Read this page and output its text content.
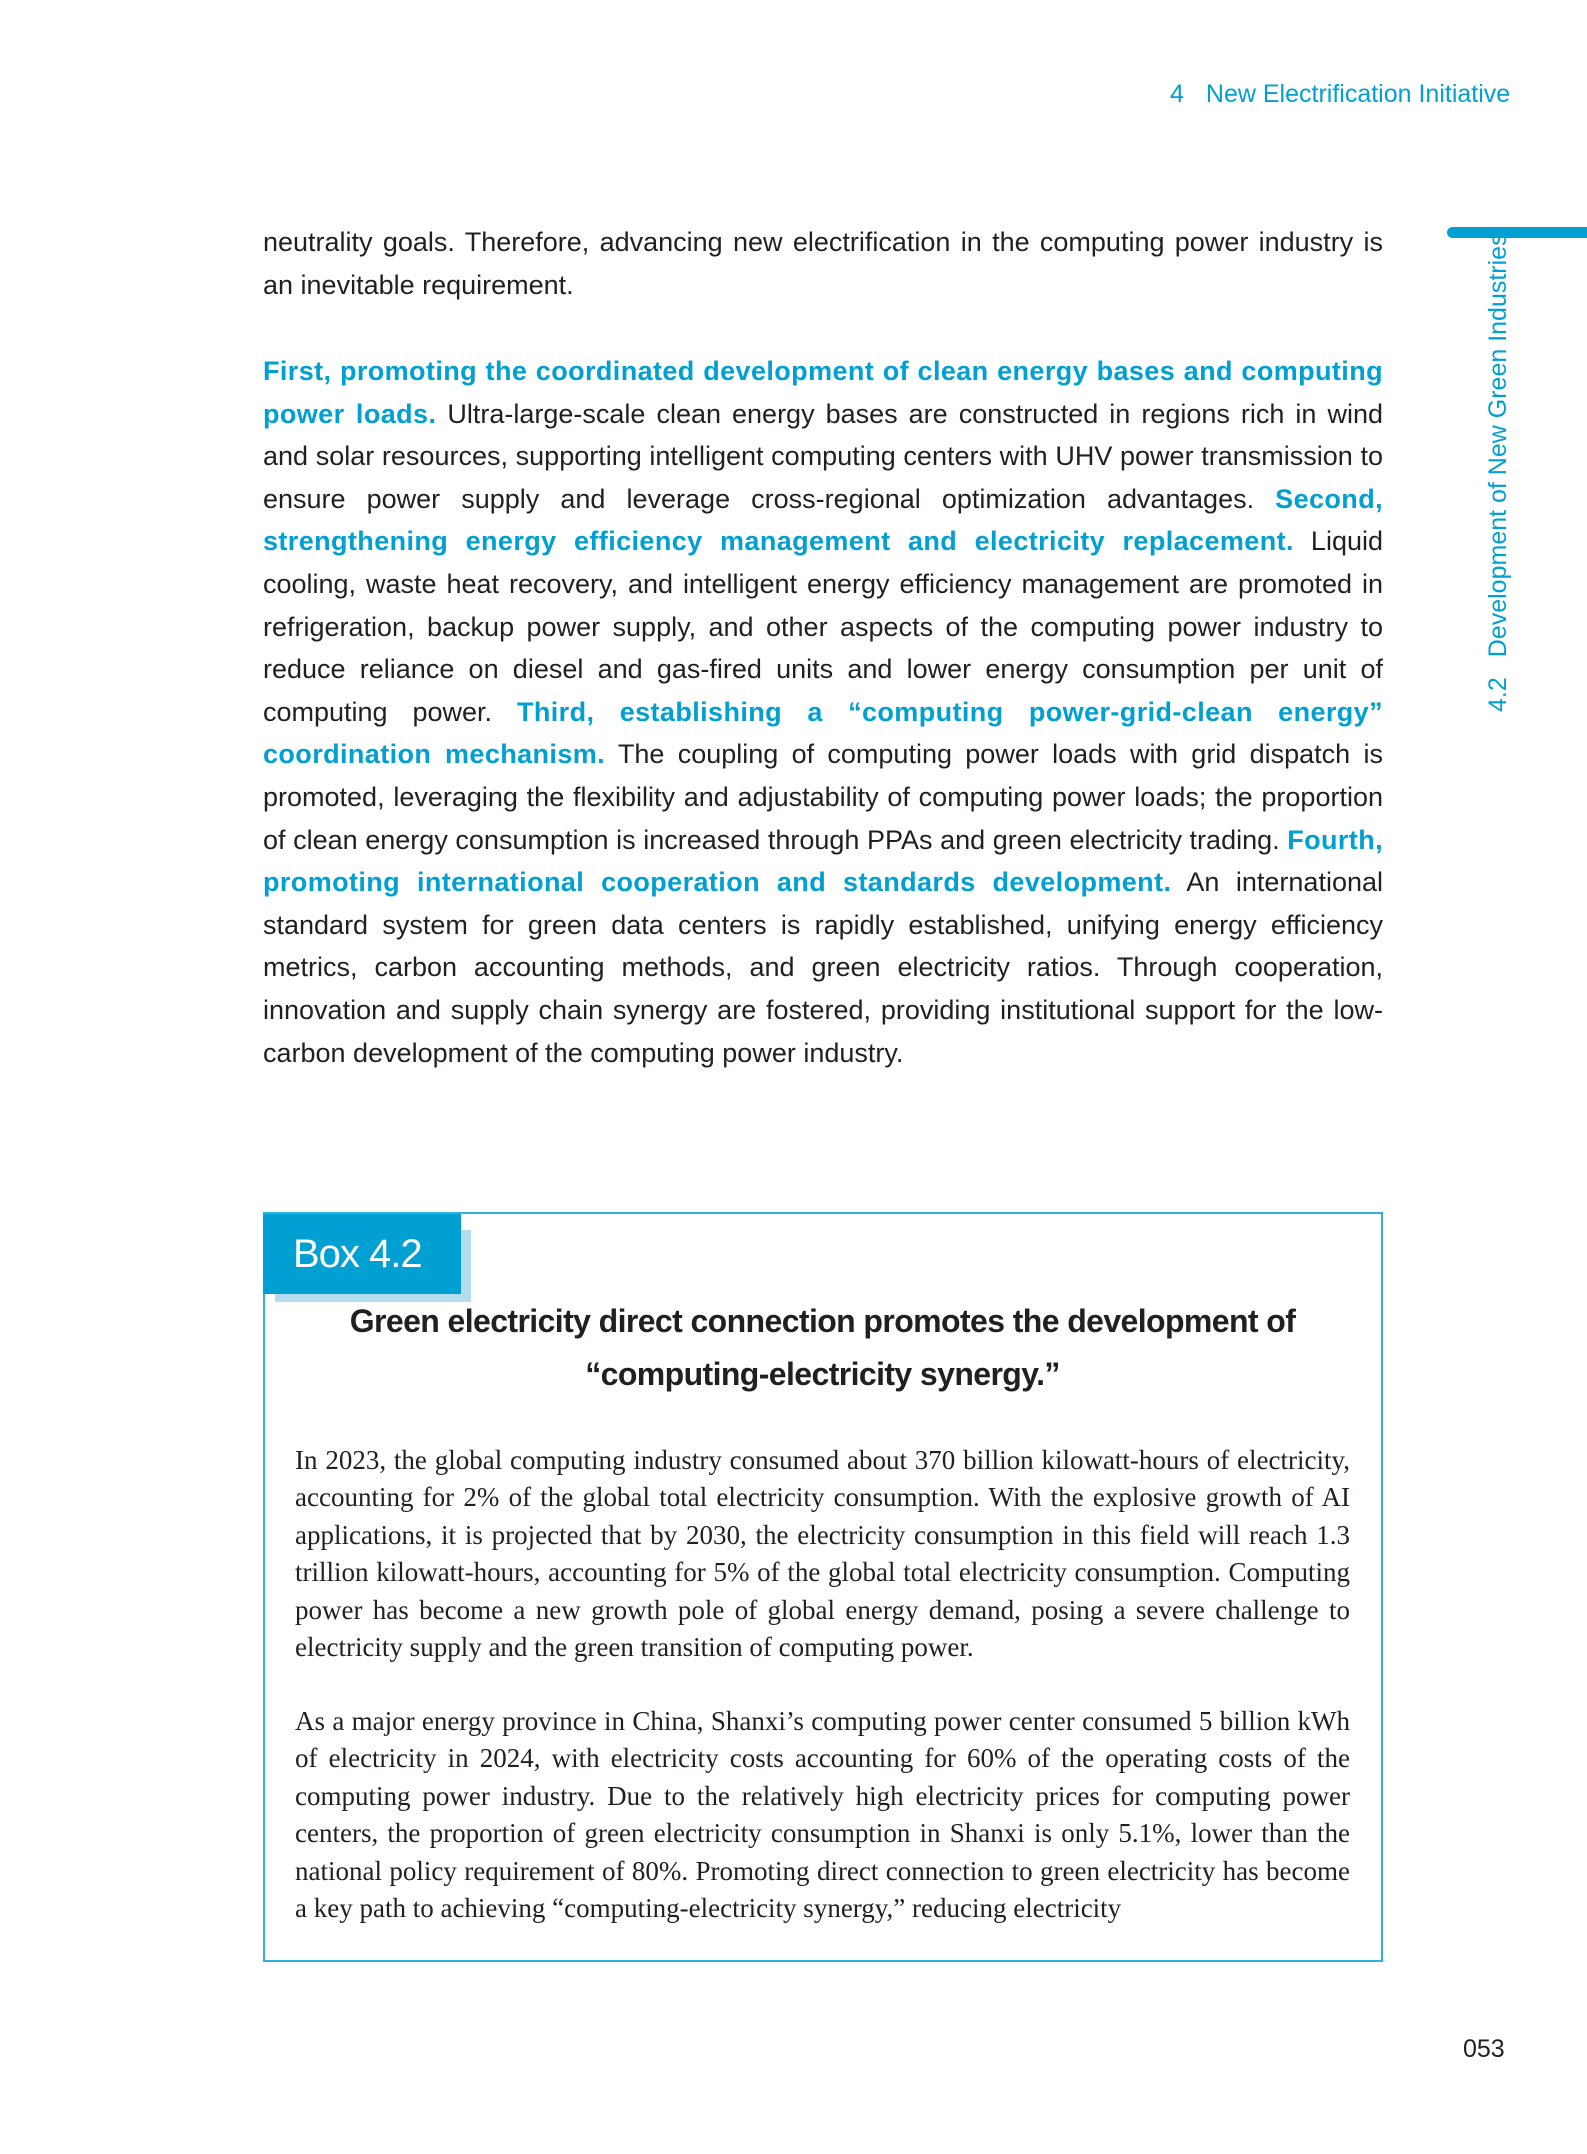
4 New Electrification Initiative
4.2Development of New Green Industries

neutrality goals. Therefore, advancing new electrification in the computing power industry is an inevitable requirement.

First, promoting the coordinated development of clean energy bases and computing power loads. Ultra-large-scale clean energy bases are constructed in regions rich in wind and solar resources, supporting intelligent computing centers with UHV power transmission to ensure power supply and leverage cross-regional optimization advantages. Second, strengthening energy efficiency management and electricity replacement. Liquid cooling, waste heat recovery, and intelligent energy efficiency management are promoted in refrigeration, backup power supply, and other aspects of the computing power industry to reduce reliance on diesel and gas-fired units and lower energy consumption per unit of computing power. Third, establishing a “computing power-grid-clean energy” coordination mechanism. The coupling of computing power loads with grid dispatch is promoted, leveraging the flexibility and adjustability of computing power loads; the proportion of clean energy consumption is increased through PPAs and green electricity trading. Fourth, promoting international cooperation and standards development. An international standard system for green data centers is rapidly established, unifying energy efficiency metrics, carbon accounting methods, and green electricity ratios. Through cooperation, innovation and supply chain synergy are fostered, providing institutional support for the low-carbon development of the computing power industry.

Box 4.2
Green electricity direct connection promotes the development of
“computing-electricity synergy.”

In 2023, the global computing industry consumed about 370 billion kilowatt-hours of electricity, accounting for 2% of the global total electricity consumption. With the explosive growth of AI applications, it is projected that by 2030, the electricity consumption in this field will reach 1.3 trillion kilowatt-hours, accounting for 5% of the global total electricity consumption. Computing power has become a new growth pole of global energy demand, posing a severe challenge to electricity supply and the green transition of computing power.

As a major energy province in China, Shanxi’s computing power center consumed 5 billion kWh of electricity in 2024, with electricity costs accounting for 60% of the operating costs of the computing power industry. Due to the relatively high electricity prices for computing power centers, the proportion of green electricity consumption in Shanxi is only 5.1%, lower than the national policy requirement of 80%. Promoting direct connection to green electricity has become a key path to achieving “computing-electricity synergy,” reducing electricity

053
